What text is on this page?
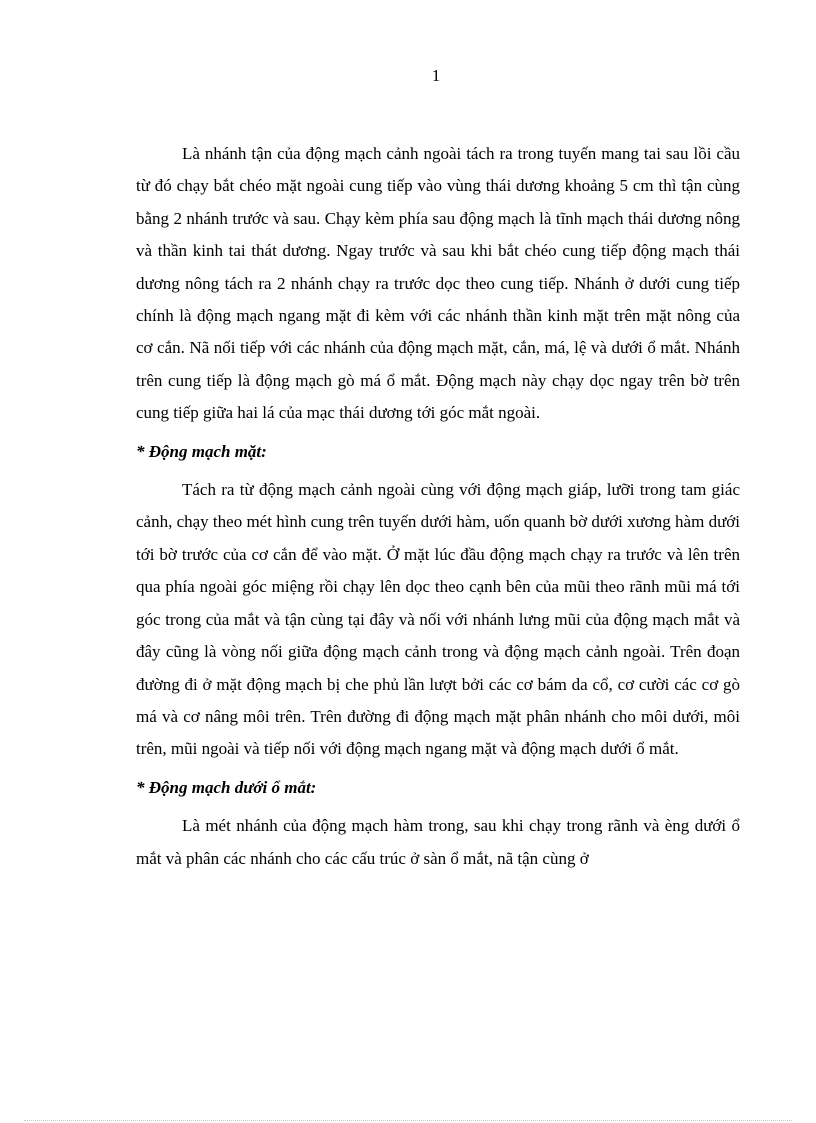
1

Là nhánh tận của động mạch cảnh ngoài tách ra trong tuyến mang tai sau lồi cầu từ đó chạy bắt chéo mặt ngoài cung tiếp vào vùng thái dương khoảng 5 cm thì tận cùng bằng 2 nhánh trước và sau. Chạy kèm phía sau động mạch là tĩnh mạch thái dương nông và thần kinh tai thát dương. Ngay trước và sau khi bắt chéo cung tiếp động mạch thái dương nông tách ra 2 nhánh chạy ra trước dọc theo cung tiếp. Nhánh ở dưới cung tiếp chính là động mạch ngang mặt đi kèm với các nhánh thần kinh mặt trên mặt nông của cơ cắn. Nã nối tiếp với các nhánh của động mạch mặt, cắn, má, lệ và dưới ổ mắt. Nhánh trên cung tiếp là động mạch gò má ổ mắt. Động mạch này chạy dọc ngay trên bờ trên cung tiếp giữa hai lá của mạc thái dương tới góc mắt ngoài.

* Động mạch mặt:

Tách ra từ động mạch cảnh ngoài cùng với động mạch giáp, lưỡi trong tam giác cảnh, chạy theo mét hình cung trên tuyến dưới hàm, uốn quanh bờ dưới xương hàm dưới tới bờ trước của cơ cắn để vào mặt. Ở mặt lúc đầu động mạch chạy ra trước và lên trên qua phía ngoài góc miệng rồi chạy lên dọc theo cạnh bên của mũi theo rãnh mũi má tới góc trong của mắt và tận cùng tại đây và nối với nhánh lưng mũi của động mạch mắt và đây cũng là vòng nối giữa động mạch cảnh trong và động mạch cảnh ngoài. Trên đoạn đường đi ở mặt động mạch bị che phủ lần lượt bởi các cơ bám da cổ, cơ cười các cơ gò má và cơ nâng môi trên. Trên đường đi động mạch mặt phân nhánh cho môi dưới, môi trên, mũi ngoài và tiếp nối với động mạch ngang mặt và động mạch dưới ổ mắt.

* Động mạch dưới ổ mắt:

Là mét nhánh của động mạch hàm trong, sau khi chạy trong rãnh và èng dưới ổ mắt và phân các nhánh cho các cấu trúc ở sàn ổ mắt, nã tận cùng ở
